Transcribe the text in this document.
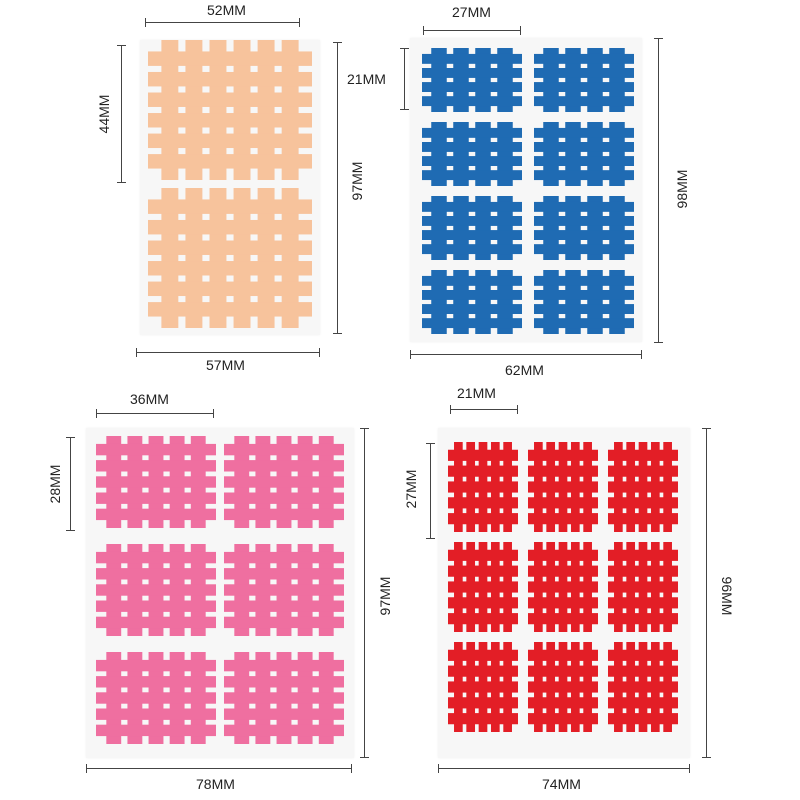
52MM
44MM
97MM
57MM
27MM
21MM
98MM
62MM
36MM
28MM
97MM
78MM
21MM
27MM
96MM
74MM
